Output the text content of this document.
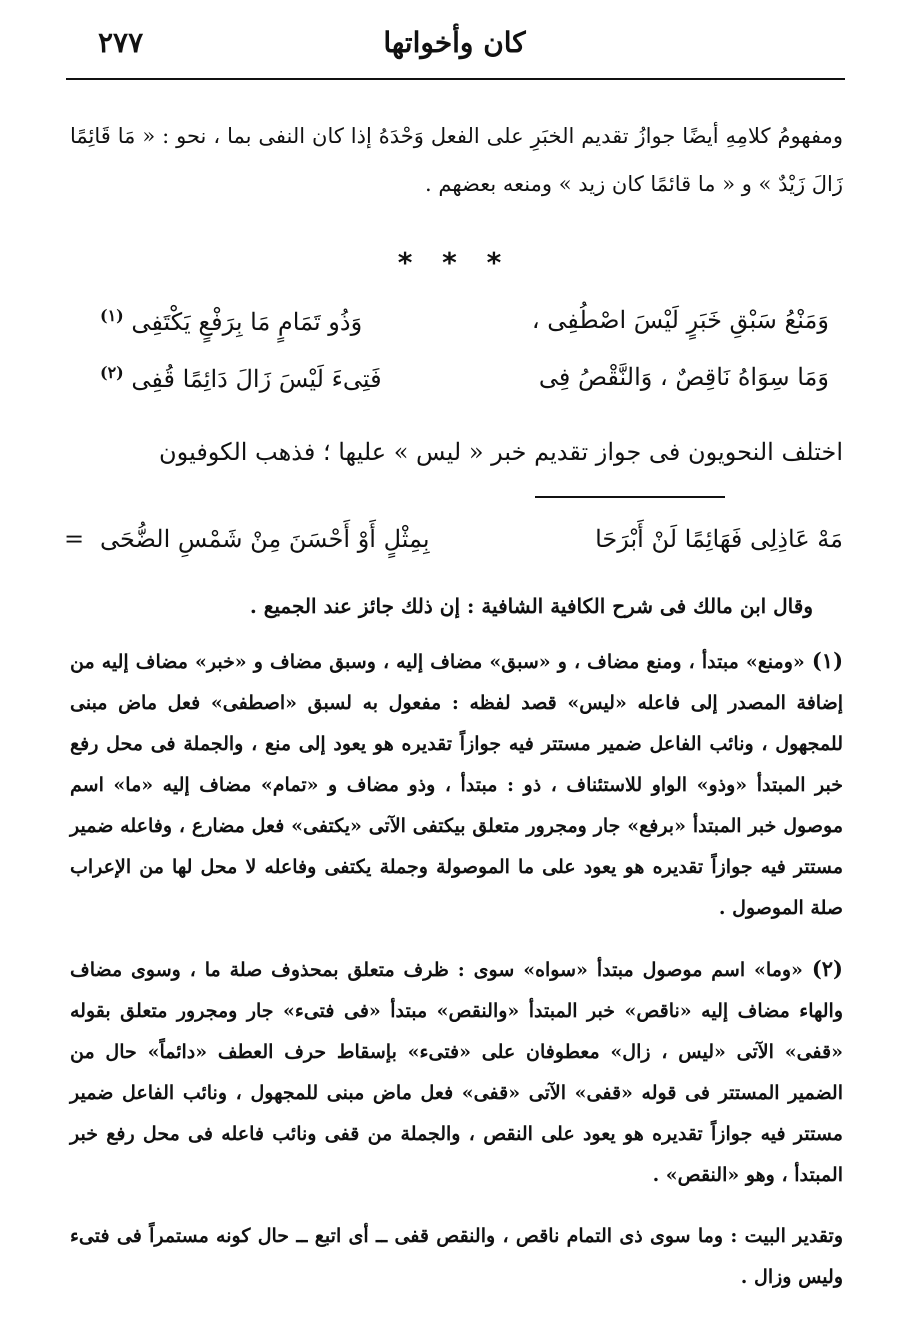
كان وأخواتها
٢٧٧
ومفهومُ كلامِهِ أيضًا جوازُ تقديم الخبَرِ على الفعل وَحْدَهُ إذا كان النفى بما ، نحو : « مَا قَائِمًا زَالَ زَيْدٌ » و « ما قائمًا كان زيد » ومنعه بعضهم .
* * *
وَمَنْعُ سَبْقِ خَبَرٍ لَيْسَ اصْطُفِى ،
وَذُو تَمَامٍ مَا بِرَفْعٍ يَكْتَفِى $^{(١)}$
وَمَا سِوَاهُ نَاقِصٌ ، وَالنَّقْصُ فِى
فَتِىءَ لَيْسَ زَالَ دَائِمًا قُفِى $^{(٢)}$
اختلف النحويون فى جواز تقديم خبر « ليس » عليها ؛ فذهب الكوفيون
مَهْ عَاذِلِى فَهَائِمًا لَنْ أَبْرَحَا
بِمِثْلٍ أَوْ أَحْسَنَ مِنْ شَمْسِ الضُّحَى
=
وقال ابن مالك فى شرح الكافية الشافية : إن ذلك جائز عند الجميع .
(١) «ومنع» مبتدأ ، ومنع مضاف ، و «سبق» مضاف إليه ، وسبق مضاف و «خبر» مضاف إليه من إضافة المصدر إلى فاعله «ليس» قصد لفظه : مفعول به لسبق «اصطفى» فعل ماض مبنى للمجهول ، ونائب الفاعل ضمير مستتر فيه جوازاً تقديره هو يعود إلى منع ، والجملة فى محل رفع خبر المبتدأ «وذو» الواو للاستئناف ، ذو : مبتدأ ، وذو مضاف و «تمام» مضاف إليه «ما» اسم موصول خبر المبتدأ «برفع» جار ومجرور متعلق بيكتفى الآتى «يكتفى» فعل مضارع ، وفاعله ضمير مستتر فيه جوازاً تقديره هو يعود على ما الموصولة وجملة يكتفى وفاعله لا محل لها من الإعراب صلة الموصول .
(٢) «وما» اسم موصول مبتدأ «سواه» سوى : ظرف متعلق بمحذوف صلة ما ، وسوى مضاف والهاء مضاف إليه «ناقص» خبر المبتدأ «والنقص» مبتدأ «فى فتىء» جار ومجرور متعلق بقوله «قفى» الآتى «ليس ، زال» معطوفان على «فتىء» بإسقاط حرف العطف «دائماً» حال من الضمير المستتر فى قوله «قفى» الآتى «قفى» فعل ماض مبنى للمجهول ، ونائب الفاعل ضمير مستتر فيه جوازاً تقديره هو يعود على النقص ، والجملة من قفى ونائب فاعله فى محل رفع خبر المبتدأ ، وهو «النقص» .
وتقدير البيت : وما سوى ذى التمام ناقص ، والنقص قفى ــ أى اتبع ــ حال كونه مستمراً فى فتىء وليس وزال .
